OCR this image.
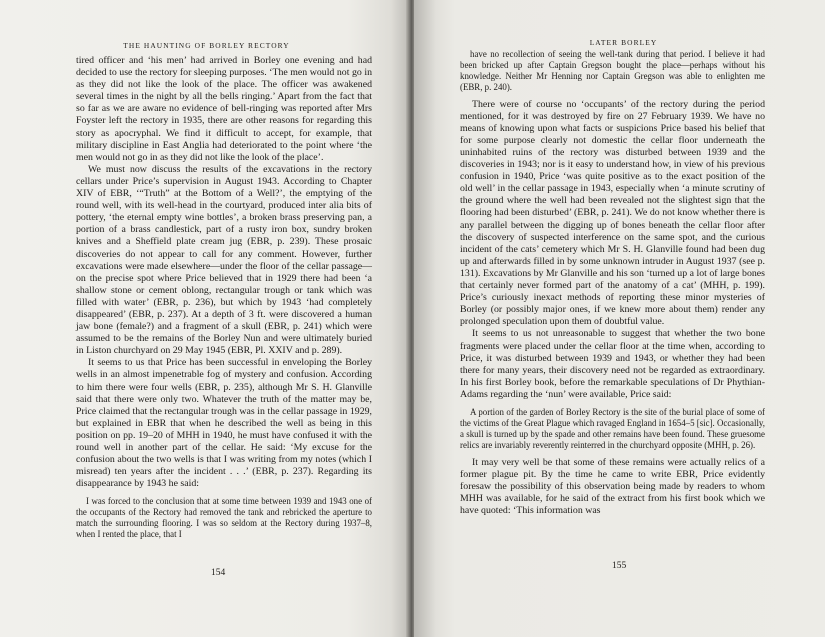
THE HAUNTING OF BORLEY RECTORY

tired officer and ‘his men’ had arrived in Borley one evening and had decided to use the rectory for sleeping purposes. ‘The men would not go in as they did not like the look of the place. The officer was awakened several times in the night by all the bells ringing.’ Apart from the fact that so far as we are aware no evidence of bell-ringing was reported after Mrs Foyster left the rectory in 1935, there are other reasons for regarding this story as apocryphal. We find it difficult to accept, for example, that military discipline in East Anglia had deteriorated to the point where ‘the men would not go in as they did not like the look of the place’.

We must now discuss the results of the excavations in the rectory cellars under Price’s supervision in August 1943. According to Chapter XIV of EBR, ‘“Truth” at the Bottom of a Well?’, the emptying of the round well, with its well-head in the courtyard, produced inter alia bits of pottery, ‘the eternal empty wine bottles’, a broken brass preserving pan, a portion of a brass candlestick, part of a rusty iron box, sundry broken knives and a Sheffield plate cream jug (EBR, p. 239). These prosaic discoveries do not appear to call for any comment. However, further excavations were made elsewhere—under the floor of the cellar passage—on the precise spot where Price believed that in 1929 there had been ‘a shallow stone or cement oblong, rectangular trough or tank which was filled with water’ (EBR, p. 236), but which by 1943 ‘had completely disappeared’ (EBR, p. 237). At a depth of 3 ft. were discovered a human jaw bone (female?) and a fragment of a skull (EBR, p. 241) which were assumed to be the remains of the Borley Nun and were ultimately buried in Liston churchyard on 29 May 1945 (EBR, Pl. XXIV and p. 289).

It seems to us that Price has been successful in enveloping the Borley wells in an almost impenetrable fog of mystery and confusion. According to him there were four wells (EBR, p. 235), although Mr S. H. Glanville said that there were only two. Whatever the truth of the matter may be, Price claimed that the rectangular trough was in the cellar passage in 1929, but explained in EBR that when he described the well as being in this position on pp. 19–20 of MHH in 1940, he must have confused it with the round well in another part of the cellar. He said: ‘My excuse for the confusion about the two wells is that I was writing from my notes (which I misread) ten years after the incident . . .’ (EBR, p. 237). Regarding its disappearance by 1943 he said:

I was forced to the conclusion that at some time between 1939 and 1943 one of the occupants of the Rectory had removed the tank and rebricked the aperture to match the surrounding flooring. I was so seldom at the Rectory during 1937–8, when I rented the place, that I

154
LATER BORLEY

have no recollection of seeing the well-tank during that period. I believe it had been bricked up after Captain Gregson bought the place—perhaps without his knowledge. Neither Mr Henning nor Captain Gregson was able to enlighten me (EBR, p. 240).

There were of course no ‘occupants’ of the rectory during the period mentioned, for it was destroyed by fire on 27 February 1939. We have no means of knowing upon what facts or suspicions Price based his belief that for some purpose clearly not domestic the cellar floor underneath the uninhabited ruins of the rectory was disturbed between 1939 and the discoveries in 1943; nor is it easy to understand how, in view of his previous confusion in 1940, Price ‘was quite positive as to the exact position of the old well’ in the cellar passage in 1943, especially when ‘a minute scrutiny of the ground where the well had been revealed not the slightest sign that the flooring had been disturbed’ (EBR, p. 241). We do not know whether there is any parallel between the digging up of bones beneath the cellar floor after the discovery of suspected interference on the same spot, and the curious incident of the cats’ cemetery which Mr S. H. Glanville found had been dug up and afterwards filled in by some unknown intruder in August 1937 (see p. 131). Excavations by Mr Glanville and his son ‘turned up a lot of large bones that certainly never formed part of the anatomy of a cat’ (MHH, p. 199). Price’s curiously inexact methods of reporting these minor mysteries of Borley (or possibly major ones, if we knew more about them) render any prolonged speculation upon them of doubtful value.

It seems to us not unreasonable to suggest that whether the two bone fragments were placed under the cellar floor at the time when, according to Price, it was disturbed between 1939 and 1943, or whether they had been there for many years, their discovery need not be regarded as extraordinary. In his first Borley book, before the remarkable speculations of Dr Phythian-Adams regarding the ‘nun’ were available, Price said:

A portion of the garden of Borley Rectory is the site of the burial place of some of the victims of the Great Plague which ravaged England in 1654–5 [sic]. Occasionally, a skull is turned up by the spade and other remains have been found. These gruesome relics are invariably reverently reinterred in the churchyard opposite (MHH, p. 26).

It may very well be that some of these remains were actually relics of a former plague pit. By the time he came to write EBR, Price evidently foresaw the possibility of this observation being made by readers to whom MHH was available, for he said of the extract from his first book which we have quoted: ‘This information was

155
